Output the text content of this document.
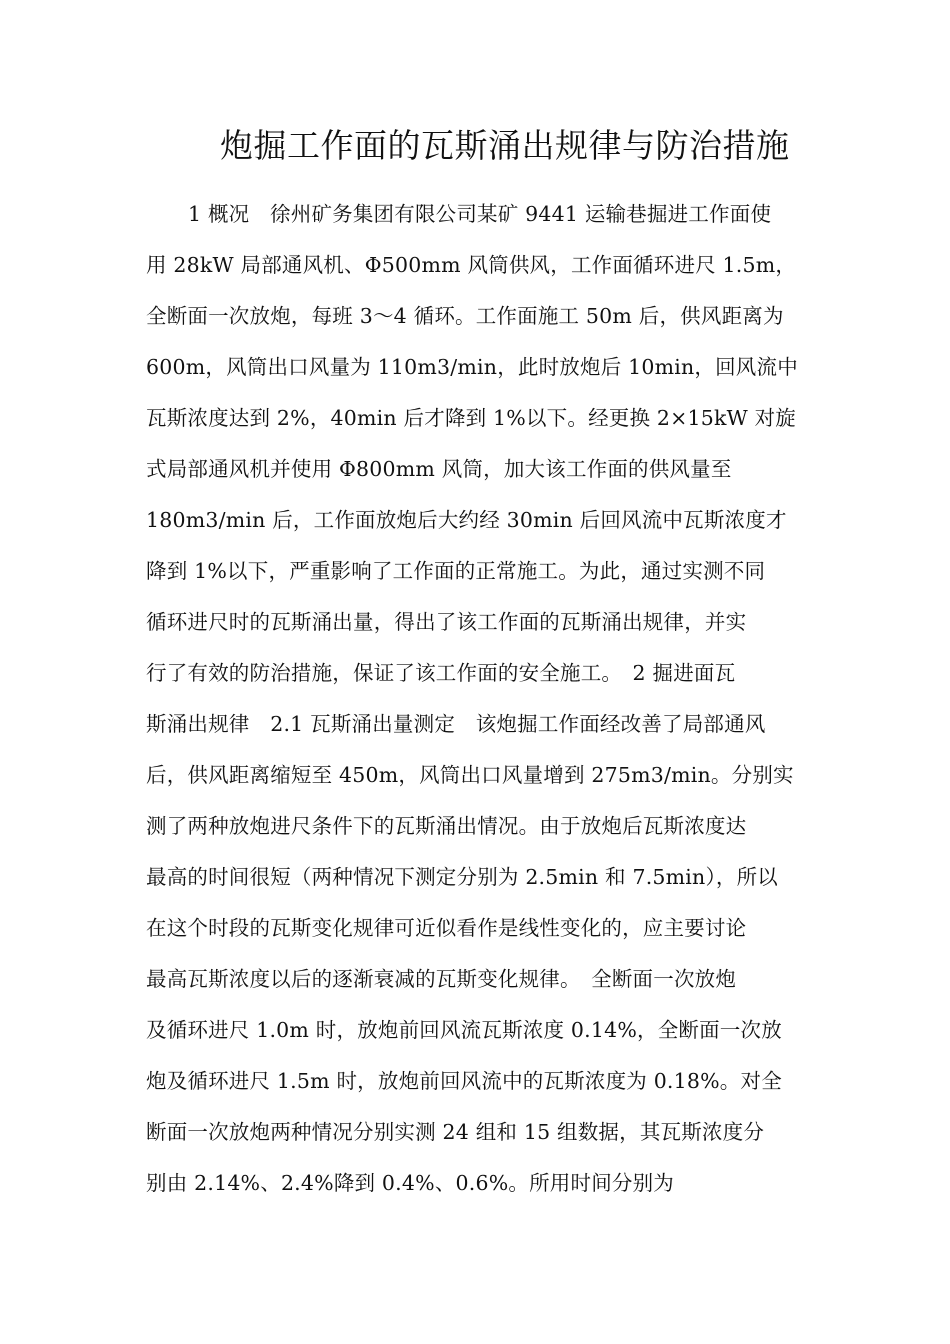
炮掘工作面的瓦斯涌出规律与防治措施
1 概况　徐州矿务集团有限公司某矿 9441 运输巷掘进工作面使
用 28kW 局部通风机、Φ500mm 风筒供风，工作面循环进尺 1.5m，
全断面一次放炮，每班 3～4 循环。工作面施工 50m 后，供风距离为
600m，风筒出口风量为 110m3/min，此时放炮后 10min，回风流中
瓦斯浓度达到 2%，40min 后才降到 1%以下。经更换 2×15kW 对旋
式局部通风机并使用 Φ800mm 风筒，加大该工作面的供风量至
180m3/min 后，工作面放炮后大约经 30min 后回风流中瓦斯浓度才
降到 1%以下，严重影响了工作面的正常施工。为此，通过实测不同
循环进尺时的瓦斯涌出量，得出了该工作面的瓦斯涌出规律，并实
行了有效的防治措施，保证了该工作面的安全施工。　2 掘进面瓦
斯涌出规律　2.1 瓦斯涌出量测定　该炮掘工作面经改善了局部通风
后，供风距离缩短至 450m，风筒出口风量增到 275m3/min。分别实
测了两种放炮进尺条件下的瓦斯涌出情况。由于放炮后瓦斯浓度达
最高的时间很短（两种情况下测定分别为 2.5min 和 7.5min），所以
在这个时段的瓦斯变化规律可近似看作是线性变化的，应主要讨论
最高瓦斯浓度以后的逐渐衰减的瓦斯变化规律。　全断面一次放炮
及循环进尺 1.0m 时，放炮前回风流瓦斯浓度 0.14%，全断面一次放
炮及循环进尺 1.5m 时，放炮前回风流中的瓦斯浓度为 0.18%。对全
断面一次放炮两种情况分别实测 24 组和 15 组数据，其瓦斯浓度分
别由 2.14%、2.4%降到 0.4%、0.6%。所用时间分别为
